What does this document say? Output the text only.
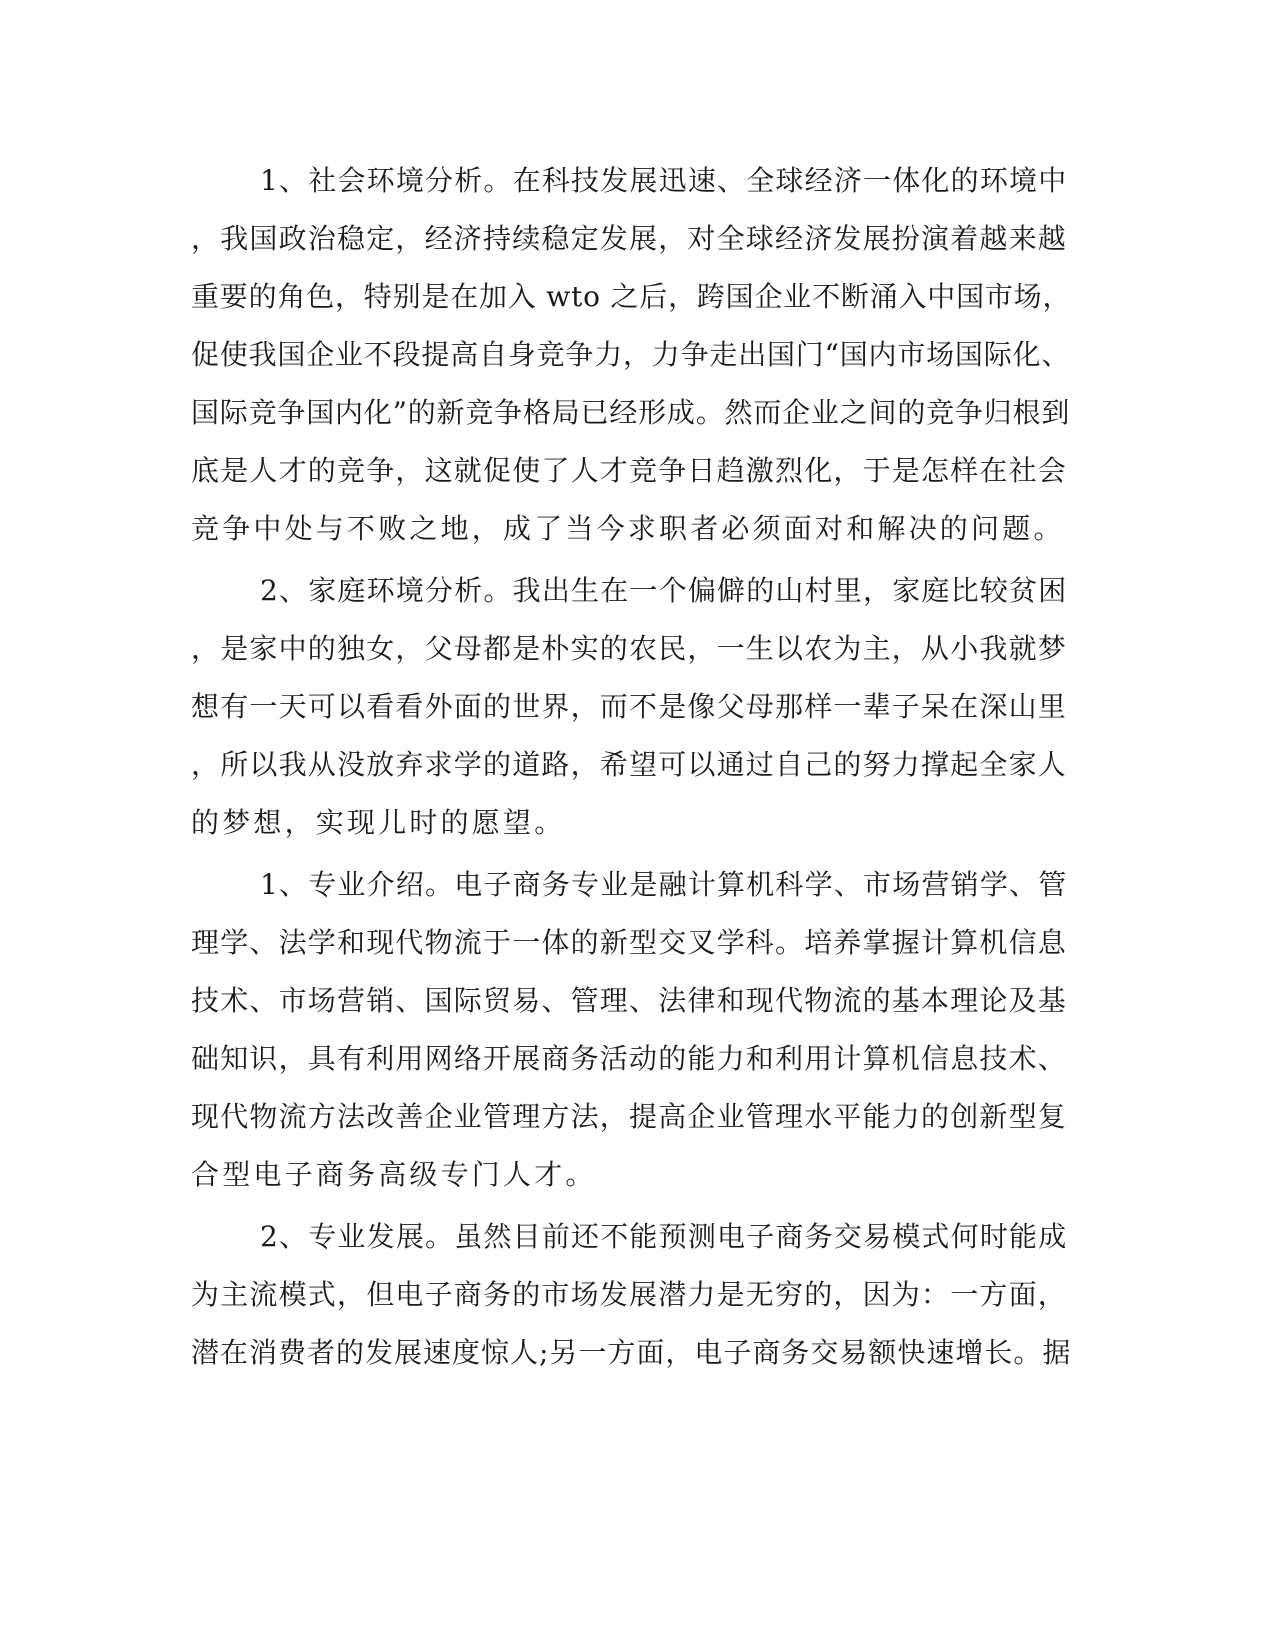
1、社会环境分析。在科技发展迅速、全球经济一体化的环境中
，我国政治稳定，经济持续稳定发展，对全球经济发展扮演着越来越
重要的角色，特别是在加入 wto 之后，跨国企业不断涌入中国市场，
促使我国企业不段提高自身竞争力，力争走出国门“国内市场国际化、
国际竞争国内化”的新竞争格局已经形成。然而企业之间的竞争归根到
底是人才的竞争，这就促使了人才竞争日趋激烈化，于是怎样在社会
竞争中处与不败之地，成了当今求职者必须面对和解决的问题。
2、家庭环境分析。我出生在一个偏僻的山村里，家庭比较贫困
，是家中的独女，父母都是朴实的农民，一生以农为主，从小我就梦
想有一天可以看看外面的世界，而不是像父母那样一辈子呆在深山里
，所以我从没放弃求学的道路，希望可以通过自己的努力撑起全家人
的梦想，实现儿时的愿望。
1、专业介绍。电子商务专业是融计算机科学、市场营销学、管
理学、法学和现代物流于一体的新型交叉学科。培养掌握计算机信息
技术、市场营销、国际贸易、管理、法律和现代物流的基本理论及基
础知识，具有利用网络开展商务活动的能力和利用计算机信息技术、
现代物流方法改善企业管理方法，提高企业管理水平能力的创新型复
合型电子商务高级专门人才。
2、专业发展。虽然目前还不能预测电子商务交易模式何时能成
为主流模式，但电子商务的市场发展潜力是无穷的，因为：一方面，
潜在消费者的发展速度惊人;另一方面，电子商务交易额快速增长。据
